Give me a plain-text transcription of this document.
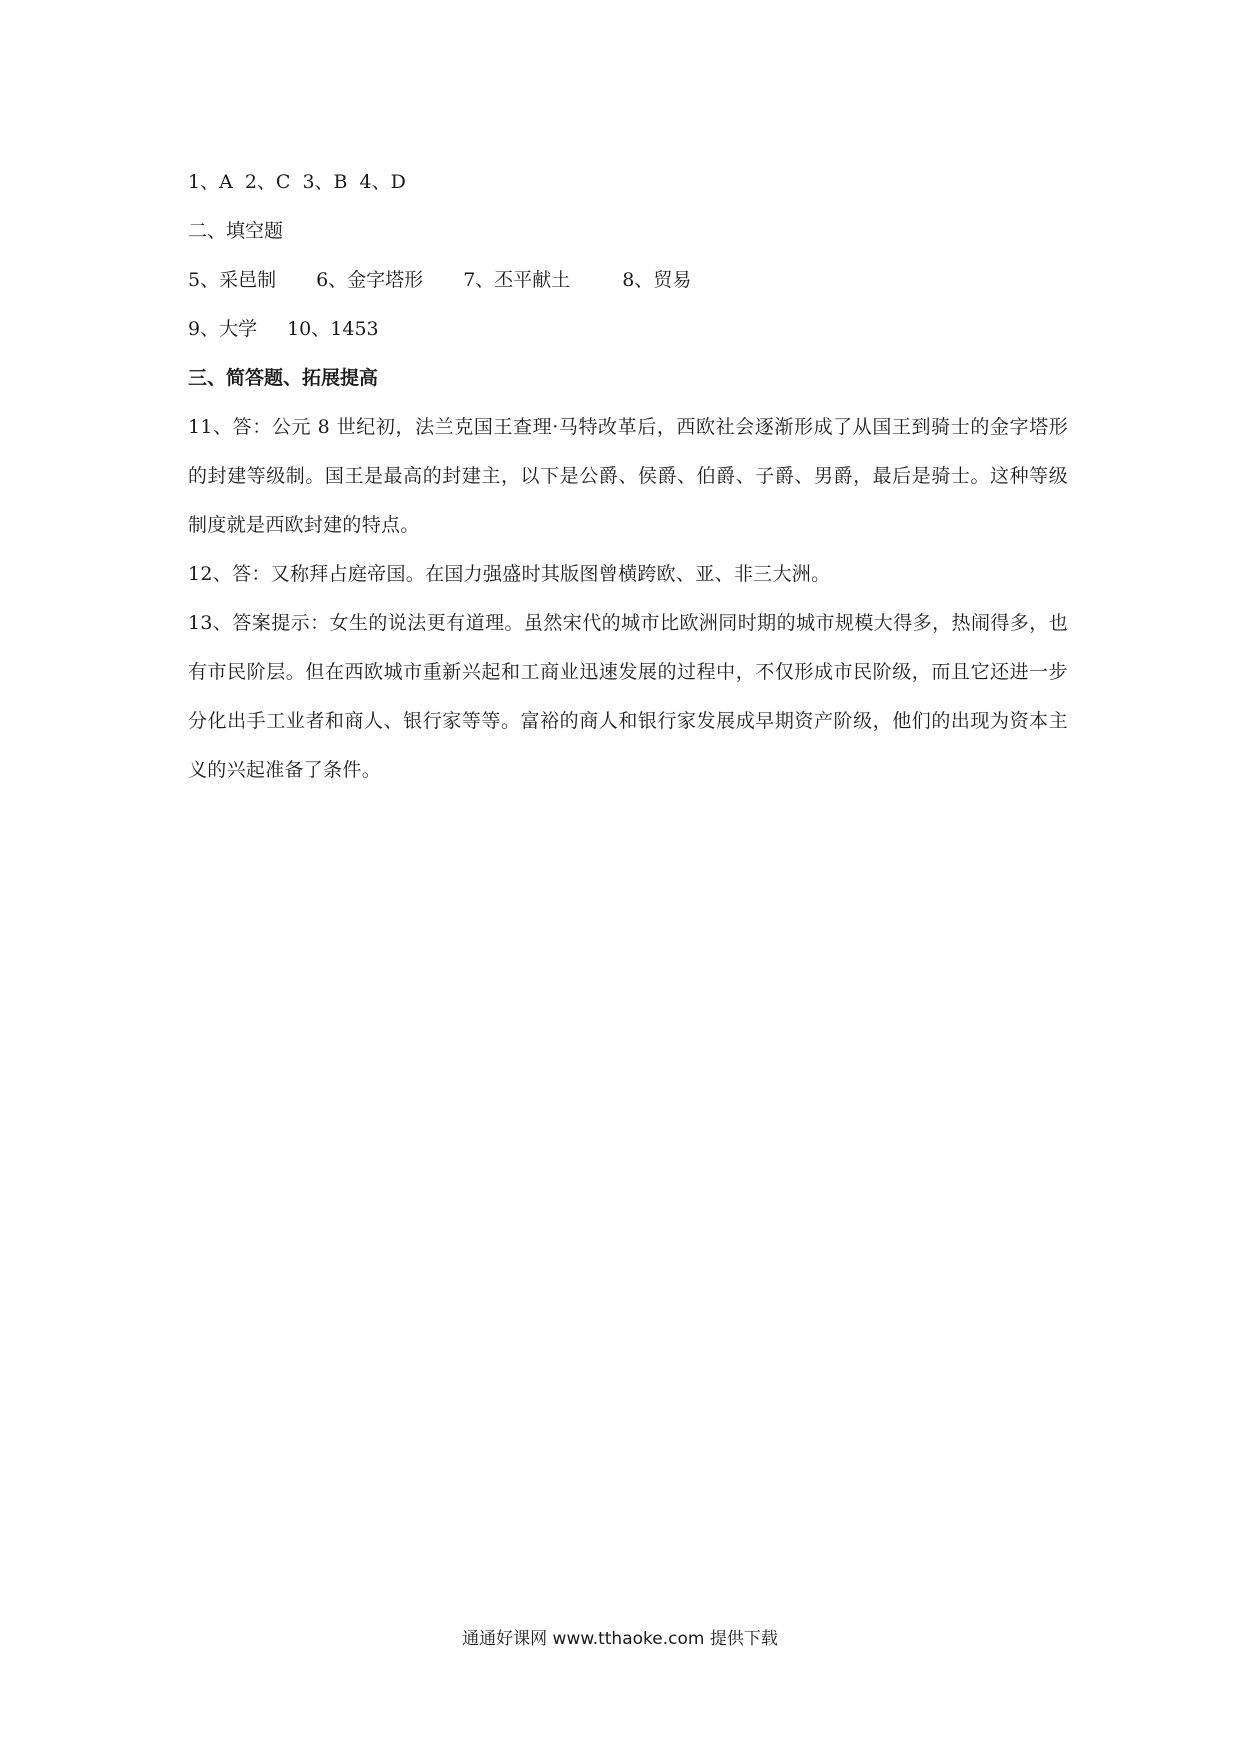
1、A 2、C 3、B 4、D
二、填空题
5、采邑制 6、金字塔形 7、丕平献土	8、贸易
9、大学 10、1453
三、简答题、拓展提高
11、答：公元 8 世纪初，法兰克国王查理·马特改革后，西欧社会逐渐形成了从国王到骑士的金字塔形的封建等级制。国王是最高的封建主，以下是公爵、侯爵、伯爵、子爵、男爵，最后是骑士。这种等级制度就是西欧封建的特点。
12、答：又称拜占庭帝国。在国力强盛时其版图曾横跨欧、亚、非三大洲。
13、答案提示：女生的说法更有道理。虽然宋代的城市比欧洲同时期的城市规模大得多，热闹得多，也有市民阶层。但在西欧城市重新兴起和工商业迅速发展的过程中，不仅形成市民阶级，而且它还进一步分化出手工业者和商人、银行家等等。富裕的商人和银行家发展成早期资产阶级，他们的出现为资本主义的兴起准备了条件。
通通好课网 www.tthaoke.com 提供下载
